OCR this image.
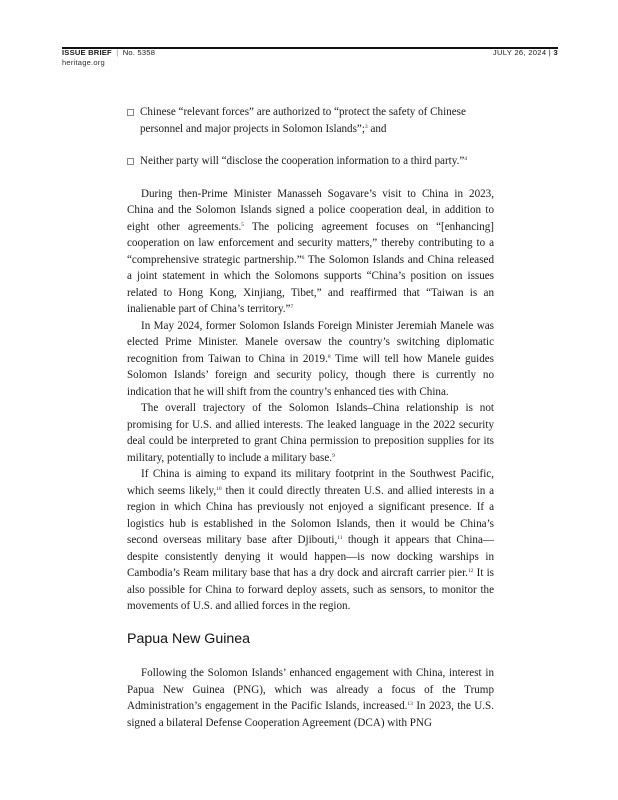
ISSUE BRIEF | No. 5358
heritage.org
JULY 26, 2024 | 3
Chinese “relevant forces” are authorized to “protect the safety of Chinese personnel and major projects in Solomon Islands”;$^3$ and
Neither party will “disclose the cooperation information to a third party.”$^4$

During then-Prime Minister Manasseh Sogavare’s visit to China in 2023, China and the Solomon Islands signed a police cooperation deal, in addition to eight other agreements.$^5$ The policing agreement focuses on “[enhancing] cooperation on law enforcement and security matters,” thereby contributing to a “comprehensive strategic partnership.”$^6$ The Solomon Islands and China released a joint statement in which the Solomons supports “China’s position on issues related to Hong Kong, Xinjiang, Tibet,” and reaffirmed that “Taiwan is an inalienable part of China’s territory.”$^7$

In May 2024, former Solomon Islands Foreign Minister Jeremiah Manele was elected Prime Minister. Manele oversaw the country’s switching diplomatic recognition from Taiwan to China in 2019.$^8$ Time will tell how Manele guides Solomon Islands’ foreign and security policy, though there is currently no indication that he will shift from the country’s enhanced ties with China.

The overall trajectory of the Solomon Islands–China relationship is not promising for U.S. and allied interests. The leaked language in the 2022 security deal could be interpreted to grant China permission to preposition supplies for its military, potentially to include a military base.$^9$

If China is aiming to expand its military footprint in the Southwest Pacific, which seems likely,$^{10}$ then it could directly threaten U.S. and allied interests in a region in which China has previously not enjoyed a significant presence. If a logistics hub is established in the Solomon Islands, then it would be China’s second overseas military base after Djibouti,$^{11}$ though it appears that China—despite consistently denying it would happen—is now docking warships in Cambodia’s Ream military base that has a dry dock and aircraft carrier pier.$^{12}$ It is also possible for China to forward deploy assets, such as sensors, to monitor the movements of U.S. and allied forces in the region.

Papua New Guinea

Following the Solomon Islands’ enhanced engagement with China, interest in Papua New Guinea (PNG), which was already a focus of the Trump Administration’s engagement in the Pacific Islands, increased.$^{13}$ In 2023, the U.S. signed a bilateral Defense Cooperation Agreement (DCA) with PNG
